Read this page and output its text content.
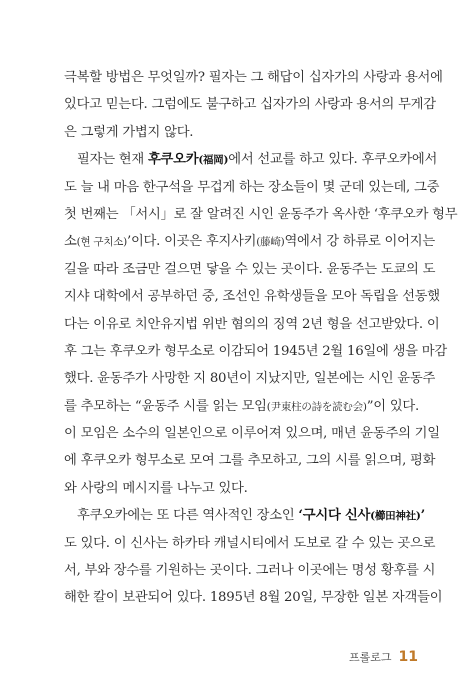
극복할 방법은 무엇일까? 필자는 그 해답이 십자가의 사랑과 용서에
있다고 믿는다. 그럼에도 불구하고 십자가의 사랑과 용서의 무게감
은 그렇게 가볍지 않다.
필자는 현재 후쿠오카(福岡)에서 선교를 하고 있다. 후쿠오카에서
도 늘 내 마음 한구석을 무겁게 하는 장소들이 몇 군데 있는데, 그중
첫 번째는 「서시」로 잘 알려진 시인 윤동주가 옥사한 ‘후쿠오카 형무
소(현 구치소)’이다. 이곳은 후지사키(藤崎)역에서 강 하류로 이어지는
길을 따라 조금만 걸으면 닿을 수 있는 곳이다. 윤동주는 도쿄의 도
지샤 대학에서 공부하던 중, 조선인 유학생들을 모아 독립을 선동했
다는 이유로 치안유지법 위반 혐의의 징역 2년 형을 선고받았다. 이
후 그는 후쿠오카 형무소로 이감되어 1945년 2월 16일에 생을 마감
했다. 윤동주가 사망한 지 80년이 지났지만, 일본에는 시인 윤동주
를 추모하는 “윤동주 시를 읽는 모임(尹東柱の詩を読む会)”이 있다.
이 모임은 소수의 일본인으로 이루어져 있으며, 매년 윤동주의 기일
에 후쿠오카 형무소로 모여 그를 추모하고, 그의 시를 읽으며, 평화
와 사랑의 메시지를 나누고 있다.
후쿠오카에는 또 다른 역사적인 장소인 ‘구시다 신사(櫛田神社)’
도 있다. 이 신사는 하카타 캐널시티에서 도보로 갈 수 있는 곳으로
서, 부와 장수를 기원하는 곳이다. 그러나 이곳에는 명성 황후를 시
해한 칼이 보관되어 있다. 1895년 8월 20일, 무장한 일본 자객들이
프롤로그 11
